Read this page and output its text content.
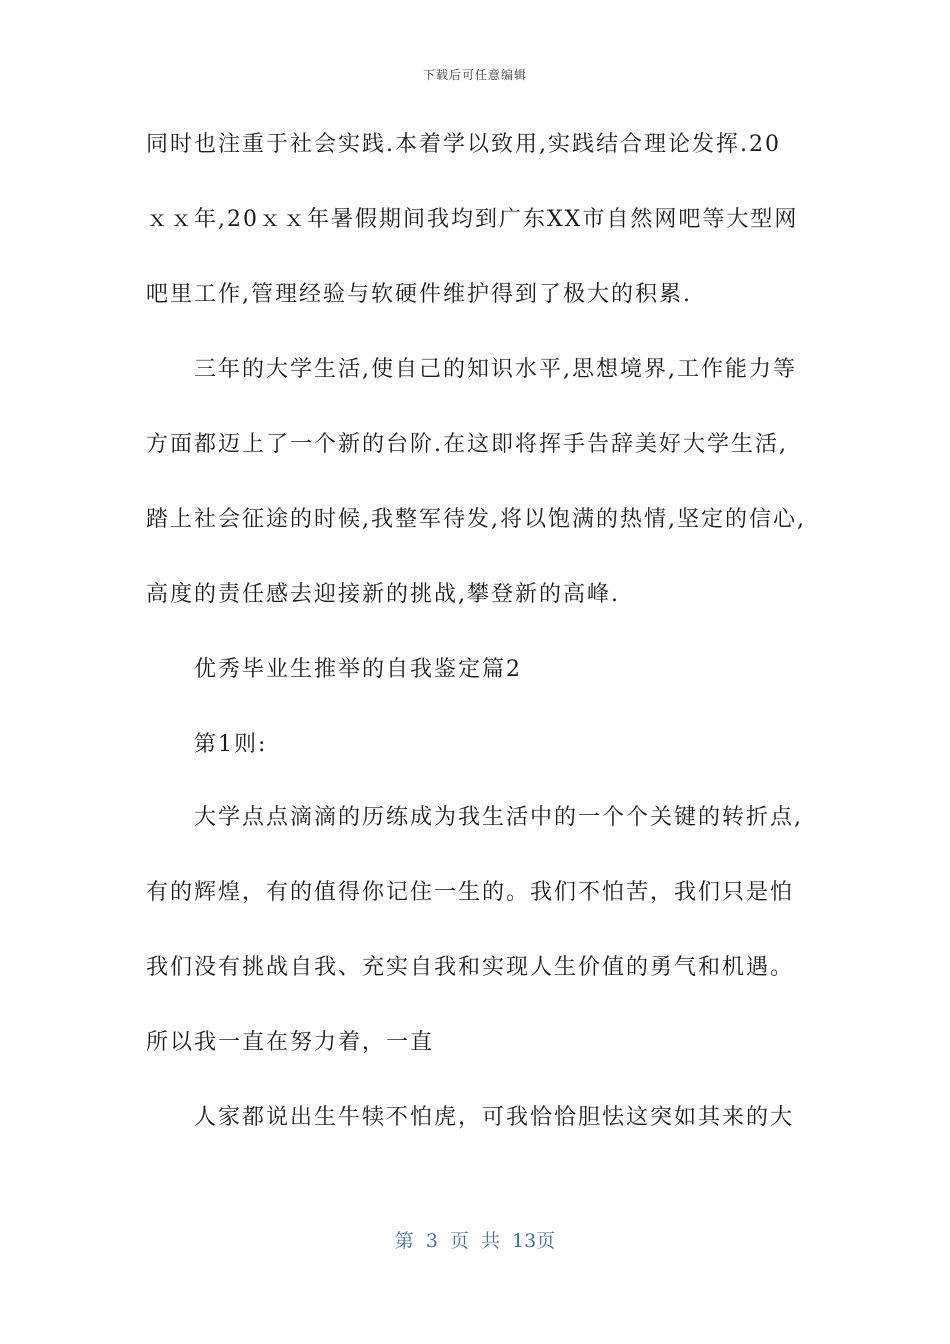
下载后可任意编辑
同时也注重于社会实践.本着学以致用,实践结合理论发挥.20
ｘｘ年,20ｘｘ年暑假期间我均到广东XX市自然网吧等大型网
吧里工作,管理经验与软硬件维护得到了极大的积累.
三年的大学生活,使自己的知识水平,思想境界,工作能力等
方面都迈上了一个新的台阶.在这即将挥手告辞美好大学生活,
踏上社会征途的时候,我整军待发,将以饱满的热情,坚定的信心,
高度的责任感去迎接新的挑战,攀登新的高峰.
优秀毕业生推举的自我鉴定篇2
第1则:
大学点点滴滴的历练成为我生活中的一个个关键的转折点,
有的辉煌，有的值得你记住一生的。我们不怕苦，我们只是怕
我们没有挑战自我、充实自我和实现人生价值的勇气和机遇。
所以我一直在努力着，一直
人家都说出生牛犊不怕虎，可我恰恰胆怯这突如其来的大
第 3 页 共 13页
